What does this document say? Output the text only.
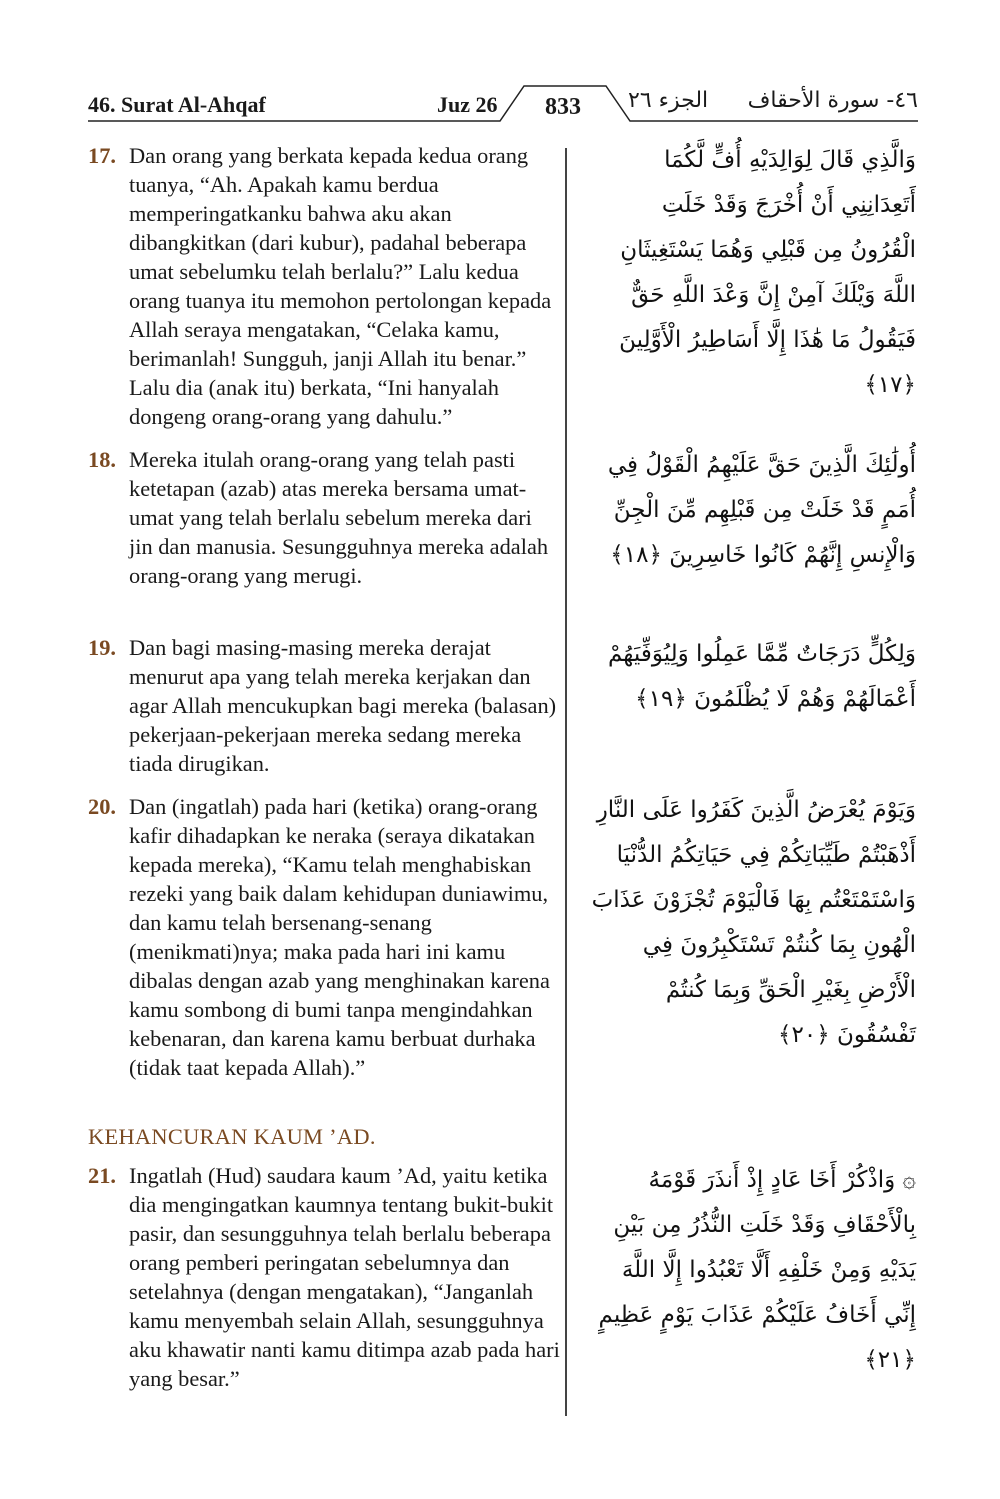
46. Surat Al-Ahqaf	Juz 26	833	الجزء ٢٦	٤٦- سورة الأحقاف
17. Dan orang yang berkata kepada kedua orang tuanya, “Ah. Apakah kamu berdua memperingatkanku bahwa aku akan dibangkitkan (dari kubur), padahal beberapa umat sebelumku telah berlalu?” Lalu kedua orang tuanya itu memohon pertolongan kepada Allah seraya mengatakan, “Celaka kamu, berimanlah! Sungguh, janji Allah itu benar.” Lalu dia (anak itu) berkata, “Ini hanyalah dongeng orang-orang yang dahulu.”
وَالَّذِي قَالَ لِوَالِدَيْهِ أُفٍّ لَّكُمَا أَتَعِدَانِنِي أَنْ أُخْرَجَ وَقَدْ خَلَتِ الْقُرُونُ مِن قَبْلِي وَهُمَا يَسْتَغِيثَانِ اللَّهَ وَيْلَكَ آمِنْ إِنَّ وَعْدَ اللَّهِ حَقٌّ فَيَقُولُ مَا هَٰذَا إِلَّا أَسَاطِيرُ الْأَوَّلِينَ ﴿١٧﴾
18. Mereka itulah orang-orang yang telah pasti ketetapan (azab) atas mereka bersama umat-umat yang telah berlalu sebelum mereka dari jin dan manusia. Sesungguhnya mereka adalah orang-orang yang merugi.
أُولَٰئِكَ الَّذِينَ حَقَّ عَلَيْهِمُ الْقَوْلُ فِي أُمَمٍ قَدْ خَلَتْ مِن قَبْلِهِم مِّنَ الْجِنِّ وَالْإِنسِ إِنَّهُمْ كَانُوا خَاسِرِينَ ﴿١٨﴾
19. Dan bagi masing-masing mereka derajat menurut apa yang telah mereka kerjakan dan agar Allah mencukupkan bagi mereka (balasan) pekerjaan-pekerjaan mereka sedang mereka tiada dirugikan.
وَلِكُلٍّ دَرَجَاتٌ مِّمَّا عَمِلُوا وَلِيُوَفِّيَهُمْ أَعْمَالَهُمْ وَهُمْ لَا يُظْلَمُونَ ﴿١٩﴾
20. Dan (ingatlah) pada hari (ketika) orang-orang kafir dihadapkan ke neraka (seraya dikatakan kepada mereka), “Kamu telah menghabiskan rezeki yang baik dalam kehidupan duniawimu, dan kamu telah bersenang-senang (menikmati)nya; maka pada hari ini kamu dibalas dengan azab yang menghinakan karena kamu sombong di bumi tanpa mengindahkan kebenaran, dan karena kamu berbuat durhaka (tidak taat kepada Allah).”
وَيَوْمَ يُعْرَضُ الَّذِينَ كَفَرُوا عَلَى النَّارِ أَذْهَبْتُمْ طَيِّبَاتِكُمْ فِي حَيَاتِكُمُ الدُّنْيَا وَاسْتَمْتَعْتُم بِهَا فَالْيَوْمَ تُجْزَوْنَ عَذَابَ الْهُونِ بِمَا كُنتُمْ تَسْتَكْبِرُونَ فِي الْأَرْضِ بِغَيْرِ الْحَقِّ وَبِمَا كُنتُمْ تَفْسُقُونَ ﴿٢٠﴾
KEHANCURAN KAUM ’AD.
21. Ingatlah (Hud) saudara kaum ’Ad, yaitu ketika dia mengingatkan kaumnya tentang bukit-bukit pasir, dan sesungguhnya telah berlalu beberapa orang pemberi peringatan sebelumnya dan setelahnya (dengan mengatakan), “Janganlah kamu menyembah selain Allah, sesungguhnya aku khawatir nanti kamu ditimpa azab pada hari yang besar.”
۞ وَاذْكُرْ أَخَا عَادٍ إِذْ أَنذَرَ قَوْمَهُ بِالْأَحْقَافِ وَقَدْ خَلَتِ النُّذُرُ مِن بَيْنِ يَدَيْهِ وَمِنْ خَلْفِهِ أَلَّا تَعْبُدُوا إِلَّا اللَّهَ إِنِّي أَخَافُ عَلَيْكُمْ عَذَابَ يَوْمٍ عَظِيمٍ ﴿٢١﴾
